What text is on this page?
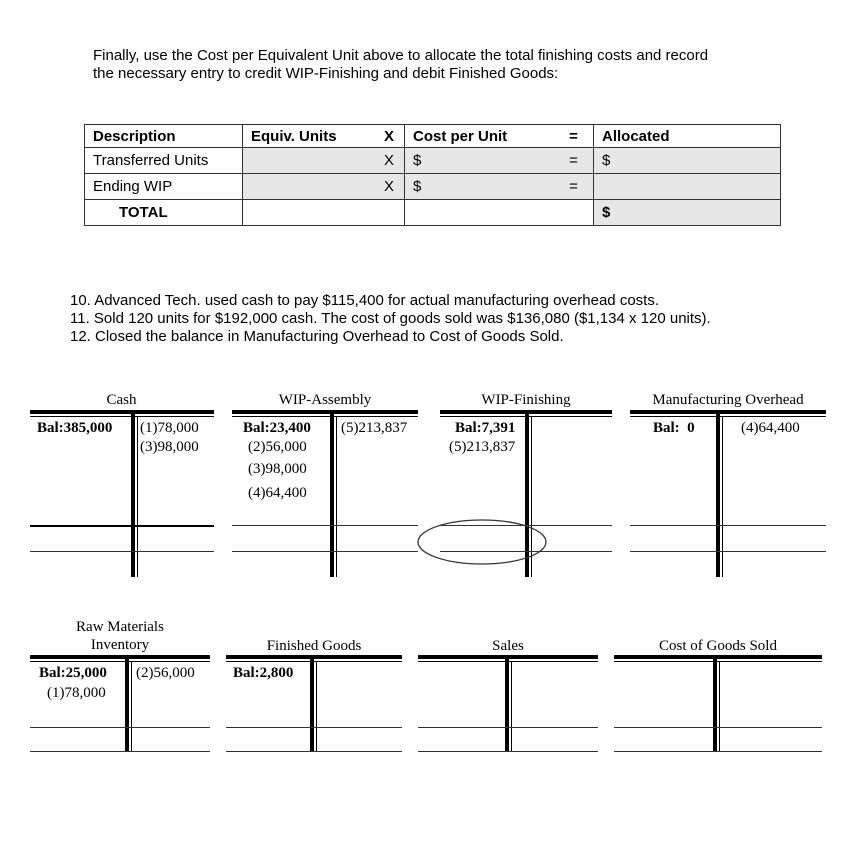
Finally, use the Cost per Equivalent Unit above to allocate the total finishing costs and record
the necessary entry to credit WIP-Finishing and debit Finished Goods:
Description	Equiv. Units	X	Cost per Unit	=	Allocated
Transferred Units		X	$	=	$
Ending WIP		X	$	=	
TOTAL					$
10. Advanced Tech. used cash to pay $115,400 for actual manufacturing overhead costs.
11. Sold 120 units for $192,000 cash. The cost of goods sold was $136,080 ($1,134 x 120 units).
12. Closed the balance in Manufacturing Overhead to Cost of Goods Sold.
Cash
Bal:385,000 (1)78,000
(3)98,000
WIP-Assembly
Bal:23,400
(2)56,000
(3)98,000
(4)64,400
(5)213,837
WIP-Finishing
Bal:7,391
(5)213,837
Manufacturing Overhead
Bal:  0	(4)64,400
Raw Materials
Inventory
Bal:25,000
(1)78,000
(2)56,000
Finished Goods
Bal:2,800
Sales	Cost of Goods Sold
